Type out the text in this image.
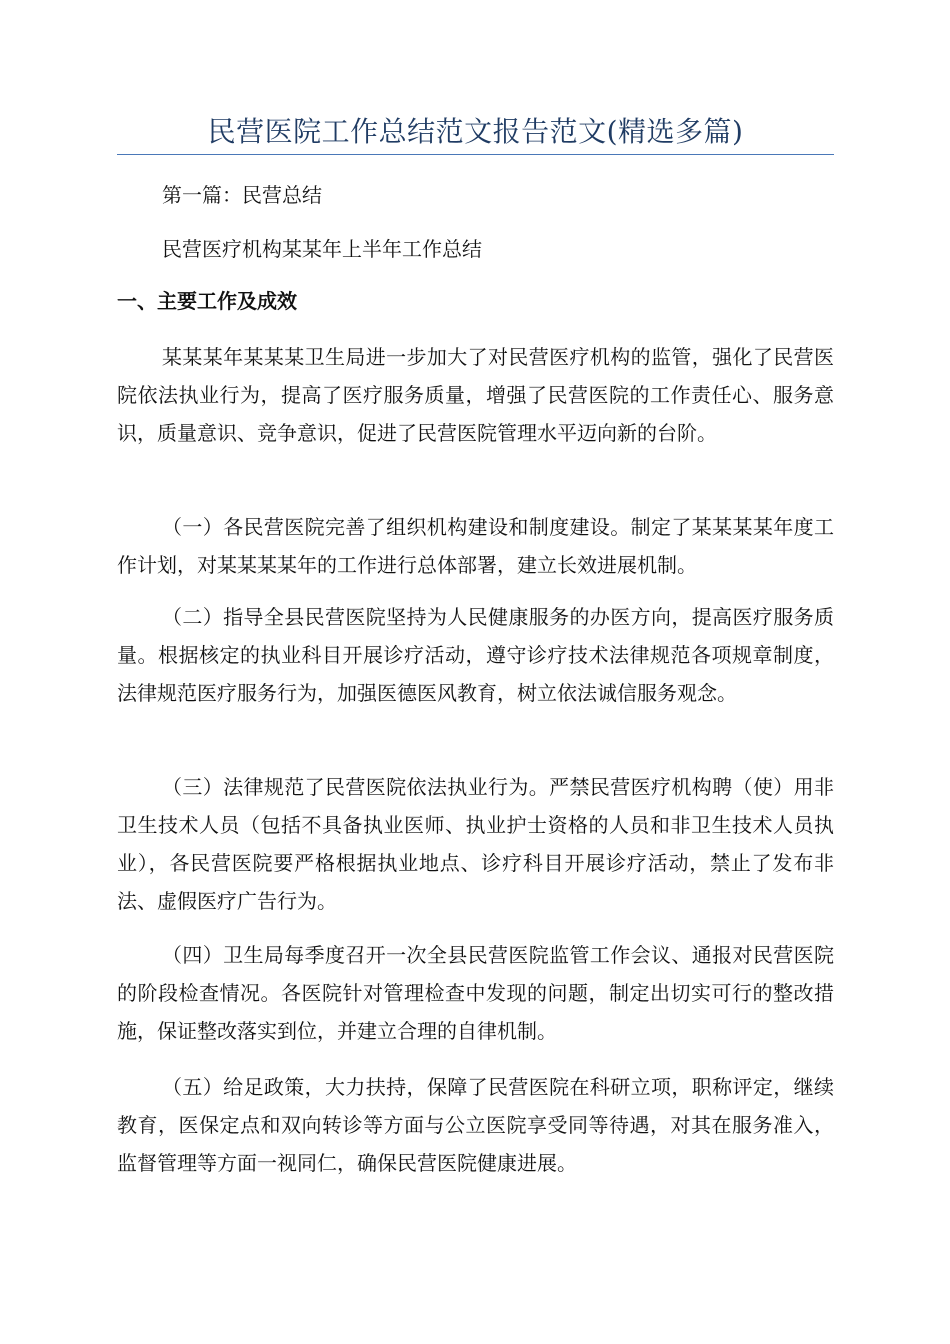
民营医院工作总结范文报告范文(精选多篇)

第一篇：民营总结

民营医疗机构某某年上半年工作总结

一、主要工作及成效

某某某年某某某卫生局进一步加大了对民营医疗机构的监管，强化了民营医院依法执业行为，提高了医疗服务质量，增强了民营医院的工作责任心、服务意识，质量意识、竞争意识，促进了民营医院管理水平迈向新的台阶。

（一）各民营医院完善了组织机构建设和制度建设。制定了某某某某年度工作计划，对某某某某年的工作进行总体部署，建立长效进展机制。

（二）指导全县民营医院坚持为人民健康服务的办医方向，提高医疗服务质量。根据核定的执业科目开展诊疗活动，遵守诊疗技术法律规范各项规章制度，法律规范医疗服务行为，加强医德医风教育，树立依法诚信服务观念。

（三）法律规范了民营医院依法执业行为。严禁民营医疗机构聘（使）用非卫生技术人员（包括不具备执业医师、执业护士资格的人员和非卫生技术人员执业），各民营医院要严格根据执业地点、诊疗科目开展诊疗活动，禁止了发布非法、虚假医疗广告行为。

（四）卫生局每季度召开一次全县民营医院监管工作会议、通报对民营医院的阶段检查情况。各医院针对管理检查中发现的问题，制定出切实可行的整改措施，保证整改落实到位，并建立合理的自律机制。

（五）给足政策，大力扶持，保障了民营医院在科研立项，职称评定，继续教育，医保定点和双向转诊等方面与公立医院享受同等待遇，对其在服务准入，监督管理等方面一视同仁，确保民营医院健康进展。
